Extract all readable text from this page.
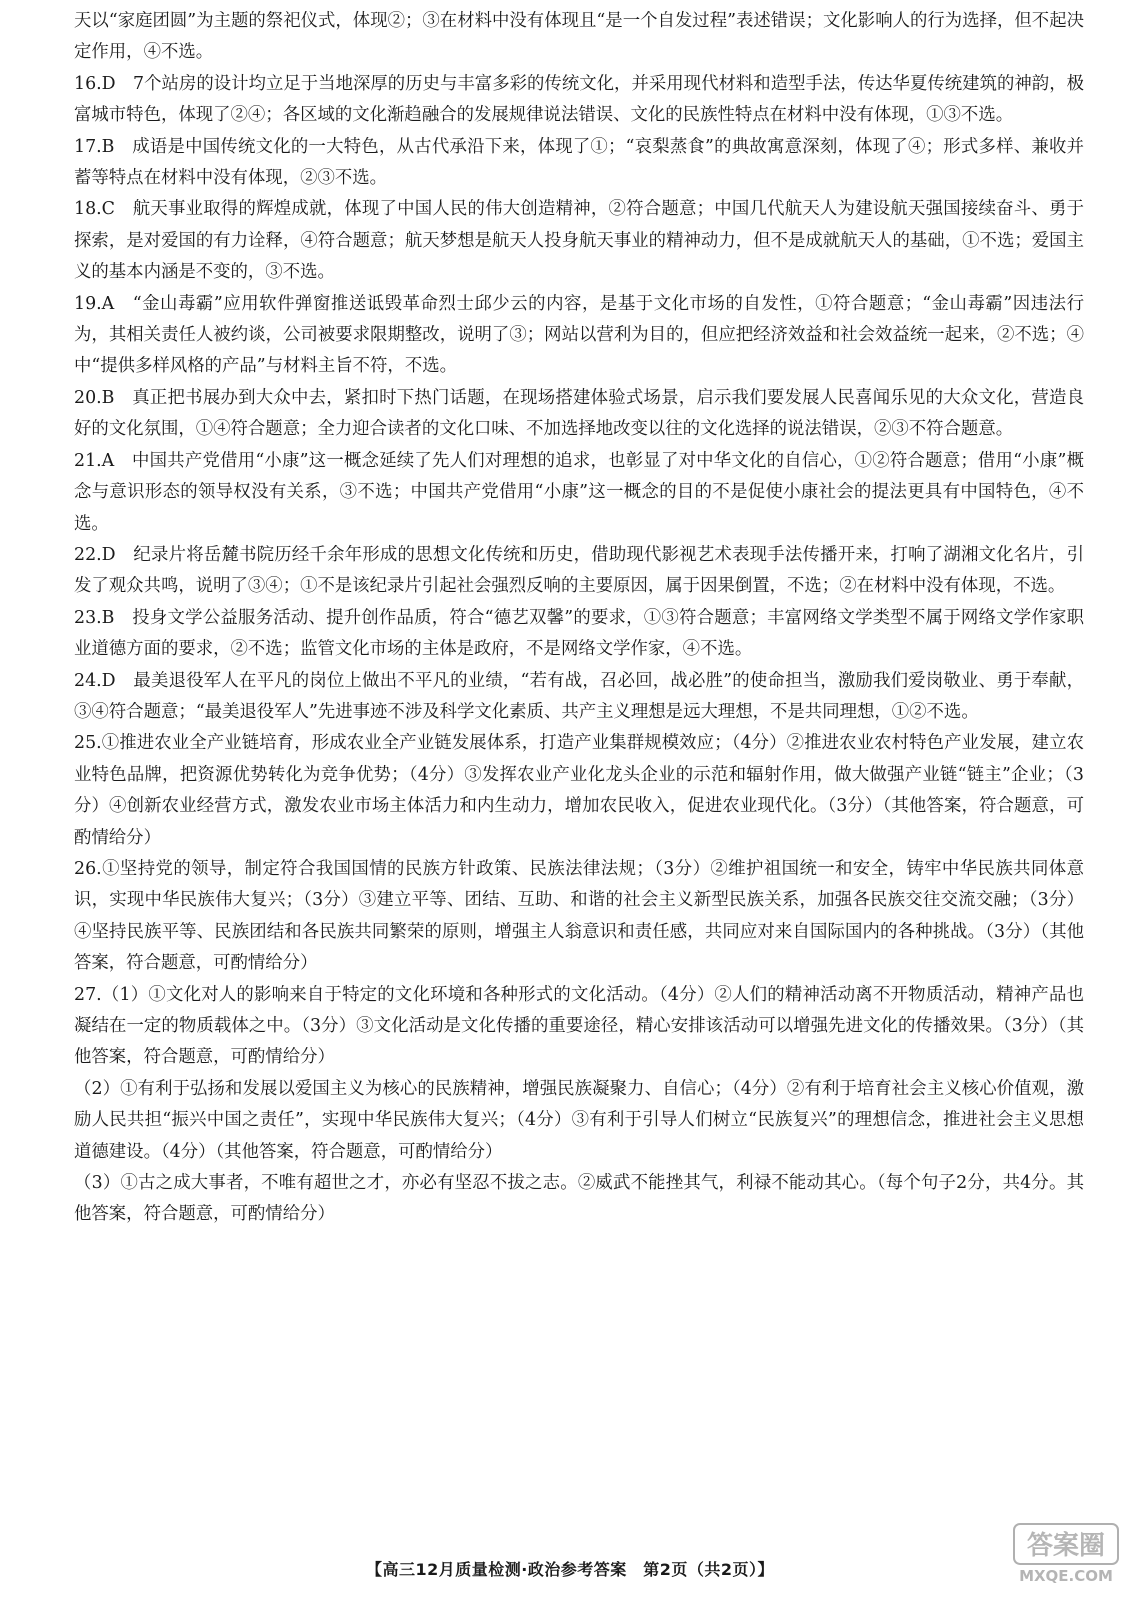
天以“家庭团圆”为主题的祭祀仪式，体现②；③在材料中没有体现且“是一个自发过程”表述错误；文化影响人的行为选择，但不起决定作用，④不选。

16.D　7个站房的设计均立足于当地深厚的历史与丰富多彩的传统文化，并采用现代材料和造型手法，传达华夏传统建筑的神韵，极富城市特色，体现了②④；各区域的文化渐趋融合的发展规律说法错误、文化的民族性特点在材料中没有体现，①③不选。

17.B　成语是中国传统文化的一大特色，从古代承沿下来，体现了①；“哀梨蒸食”的典故寓意深刻，体现了④；形式多样、兼收并蓄等特点在材料中没有体现，②③不选。

18.C　航天事业取得的辉煌成就，体现了中国人民的伟大创造精神，②符合题意；中国几代航天人为建设航天强国接续奋斗、勇于探索，是对爱国的有力诠释，④符合题意；航天梦想是航天人投身航天事业的精神动力，但不是成就航天人的基础，①不选；爱国主义的基本内涵是不变的，③不选。

19.A　“金山毒霸”应用软件弹窗推送诋毁革命烈士邱少云的内容，是基于文化市场的自发性，①符合题意；“金山毒霸”因违法行为，其相关责任人被约谈，公司被要求限期整改，说明了③；网站以营利为目的，但应把经济效益和社会效益统一起来，②不选；④中“提供多样风格的产品”与材料主旨不符，不选。

20.B　真正把书展办到大众中去，紧扣时下热门话题，在现场搭建体验式场景，启示我们要发展人民喜闻乐见的大众文化，营造良好的文化氛围，①④符合题意；全力迎合读者的文化口味、不加选择地改变以往的文化选择的说法错误，②③不符合题意。

21.A　中国共产党借用“小康”这一概念延续了先人们对理想的追求，也彰显了对中华文化的自信心，①②符合题意；借用“小康”概念与意识形态的领导权没有关系，③不选；中国共产党借用“小康”这一概念的目的不是促使小康社会的提法更具有中国特色，④不选。

22.D　纪录片将岳麓书院历经千余年形成的思想文化传统和历史，借助现代影视艺术表现手法传播开来，打响了湖湘文化名片，引发了观众共鸣，说明了③④；①不是该纪录片引起社会强烈反响的主要原因，属于因果倒置，不选；②在材料中没有体现，不选。

23.B　投身文学公益服务活动、提升创作品质，符合“德艺双馨”的要求，①③符合题意；丰富网络文学类型不属于网络文学作家职业道德方面的要求，②不选；监管文化市场的主体是政府，不是网络文学作家，④不选。

24.D　最美退役军人在平凡的岗位上做出不平凡的业绩，“若有战，召必回，战必胜”的使命担当，激励我们爱岗敬业、勇于奉献，③④符合题意；“最美退役军人”先进事迹不涉及科学文化素质、共产主义理想是远大理想，不是共同理想，①②不选。

25.①推进农业全产业链培育，形成农业全产业链发展体系，打造产业集群规模效应；（4分）②推进农业农村特色产业发展，建立农业特色品牌，把资源优势转化为竞争优势；（4分）③发挥农业产业化龙头企业的示范和辐射作用，做大做强产业链“链主”企业；（3分）④创新农业经营方式，激发农业市场主体活力和内生动力，增加农民收入，促进农业现代化。（3分）（其他答案，符合题意，可酌情给分）

26.①坚持党的领导，制定符合我国国情的民族方针政策、民族法律法规；（3分）②维护祖国统一和安全，铸牢中华民族共同体意识，实现中华民族伟大复兴；（3分）③建立平等、团结、互助、和谐的社会主义新型民族关系，加强各民族交往交流交融；（3分）④坚持民族平等、民族团结和各民族共同繁荣的原则，增强主人翁意识和责任感，共同应对来自国际国内的各种挑战。（3分）（其他答案，符合题意，可酌情给分）

27.（1）①文化对人的影响来自于特定的文化环境和各种形式的文化活动。（4分）②人们的精神活动离不开物质活动，精神产品也凝结在一定的物质载体之中。（3分）③文化活动是文化传播的重要途径，精心安排该活动可以增强先进文化的传播效果。（3分）（其他答案，符合题意，可酌情给分）

（2）①有利于弘扬和发展以爱国主义为核心的民族精神，增强民族凝聚力、自信心；（4分）②有利于培育社会主义核心价值观，激励人民共担“振兴中国之责任”，实现中华民族伟大复兴；（4分）③有利于引导人们树立“民族复兴”的理想信念，推进社会主义思想道德建设。（4分）（其他答案，符合题意，可酌情给分）

（3）①古之成大事者，不唯有超世之才，亦必有坚忍不拔之志。②威武不能挫其气，利禄不能动其心。（每个句子2分，共4分。其他答案，符合题意，可酌情给分）

【高三12月质量检测·政治参考答案　第2页（共2页）】
答案圈
MXQE.COM
